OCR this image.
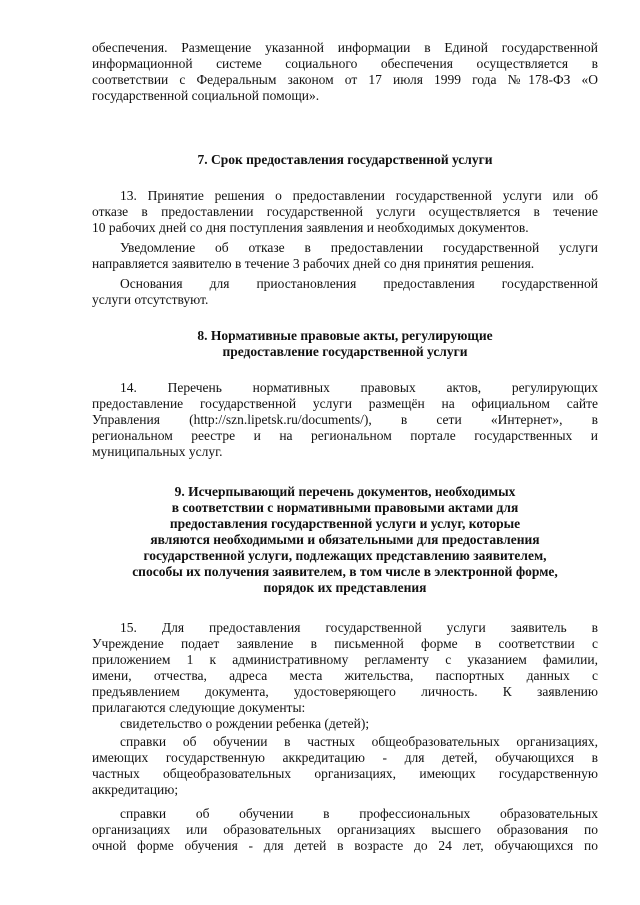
обеспечения. Размещение указанной информации в Единой государственной
информационной системе социального обеспечения осуществляется в
соответствии с Федеральным законом от 17 июля 1999 года №178-ФЗ «О
государственной социальной помощи».
7. Срок предоставления государственной услуги
13. Принятие решения о предоставлении государственной услуги или об
отказе в предоставлении государственной услуги осуществляется в течение
10 рабочих дней со дня поступления заявления и необходимых документов.
Уведомление об отказе в предоставлении государственной услуги
направляется заявителю в течение 3 рабочих дней со дня принятия решения.
Основания для приостановления предоставления государственной
услуги отсутствуют.
8. Нормативные правовые акты, регулирующие
предоставление государственной услуги
14. Перечень нормативных правовых актов, регулирующих
предоставление государственной услуги размещён на официальном сайте
Управления (http://szn.lipetsk.ru/documents/), в сети «Интернет», в
региональном реестре и на региональном портале государственных и
муниципальных услуг.
9. Исчерпывающий перечень документов, необходимых
в соответствии с нормативными правовыми актами для
предоставления государственной услуги и услуг, которые
являются необходимыми и обязательными для предоставления
государственной услуги, подлежащих представлению заявителем,
способы их получения заявителем, в том числе в электронной форме,
порядок их представления
15. Для предоставления государственной услуги заявитель в
Учреждение подает заявление в письменной форме в соответствии с
приложением 1 к административному регламенту с указанием фамилии,
имени, отчества, адреса места жительства, паспортных данных с
предъявлением документа, удостоверяющего личность. К заявлению
прилагаются следующие документы:
свидетельство о рождении ребенка (детей);
справки об обучении в частных общеобразовательных организациях,
имеющих государственную аккредитацию - для детей, обучающихся в
частных общеобразовательных организациях, имеющих государственную
аккредитацию;
справки об обучении в профессиональных образовательных
организациях или образовательных организациях высшего образования по
очной форме обучения - для детей в возрасте до 24 лет, обучающихся по
